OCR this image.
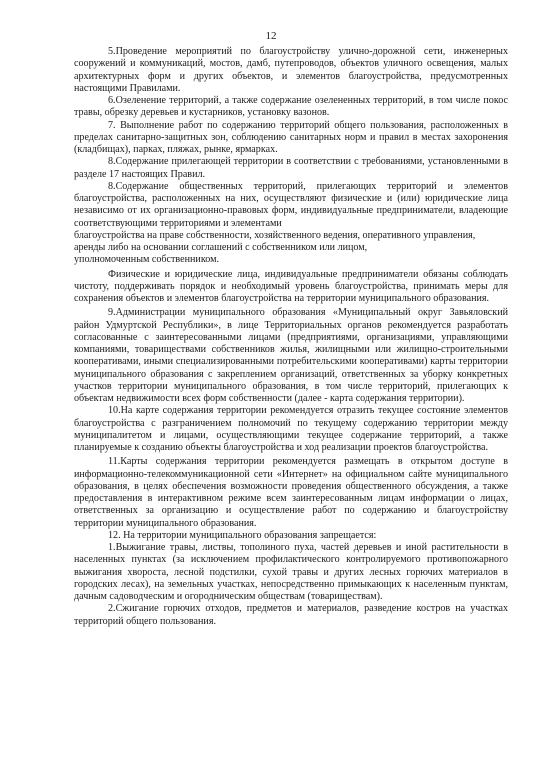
12

5.Проведение мероприятий по благоустройству улично-дорожной сети, инженерных сооружений и коммуникаций, мостов, дамб, путепроводов, объектов уличного освещения, малых архитектурных форм и других объектов, и элементов благоустройства, предусмотренных настоящими Правилами.

6.Озеленение территорий, а также содержание озелененных территорий, в том числе покос травы, обрезку деревьев и кустарников, установку вазонов.

7. Выполнение работ по содержанию территорий общего пользования, расположенных в пределах санитарно-защитных зон, соблюдению санитарных норм и правил в местах захоронения (кладбищах), парках, пляжах, рынке, ярмарках.

8.Содержание прилегающей территории в соответствии с требованиями, установленными в разделе 17 настоящих Правил.

8.Содержание общественных территорий, прилегающих территорий и элементов благоустройства, расположенных на них, осуществляют физические и (или) юридические лица независимо от их организационно-правовых форм, индивидуальные предприниматели, владеющие соответствующими территориями и элементами

благоустройства на праве собственности, хозяйственного ведения, оперативного управления, аренды либо на основании соглашений с собственником или лицом,

уполномоченным собственником.

Физические и юридические лица, индивидуальные предприниматели обязаны соблюдать чистоту, поддерживать порядок и необходимый уровень благоустройства, принимать меры для сохранения объектов и элементов благоустройства на территории муниципального образования.

9.Администрации муниципального образования «Муниципальный округ Завьяловский район Удмуртской Республики», в лице Территориальных органов рекомендуется разработать согласованные с заинтересованными лицами (предприятиями, организациями, управляющими компаниями, товариществами собственников жилья, жилищными или жилищно-строительными кооперативами, иными специализированными потребительскими кооперативами) карты территории муниципального образования с закреплением организаций, ответственных за уборку конкретных участков территории муниципального образования, в том числе территорий, прилегающих к объектам недвижимости всех форм собственности (далее - карта содержания территории).

10.На карте содержания территории рекомендуется отразить текущее состояние элементов благоустройства с разграничением полномочий по текущему содержанию территории между муниципалитетом и лицами, осуществляющими текущее содержание территорий, а также планируемые к созданию объекты благоустройства и ход реализации проектов благоустройства.

11.Карты содержания территории рекомендуется размещать в открытом доступе в информационно-телекоммуникационной сети «Интернет» на официальном сайте муниципального образования, в целях обеспечения возможности проведения общественного обсуждения, а также предоставления в интерактивном режиме всем заинтересованным лицам информации о лицах, ответственных за организацию и осуществление работ по содержанию и благоустройству территории муниципального образования.

12. На территории муниципального образования запрещается:

1.Выжигание травы, листвы, тополиного пуха, частей деревьев и иной растительности в населенных пунктах (за исключением профилактического контролируемого противопожарного выжигания хвороста, лесной подстилки, сухой травы и других лесных горючих материалов в городских лесах), на земельных участках, непосредственно примыкающих к населенным пунктам, дачным садоводческим и огородническим обществам (товариществам).

2.Сжигание горючих отходов, предметов и материалов, разведение костров на участках территорий общего пользования.
